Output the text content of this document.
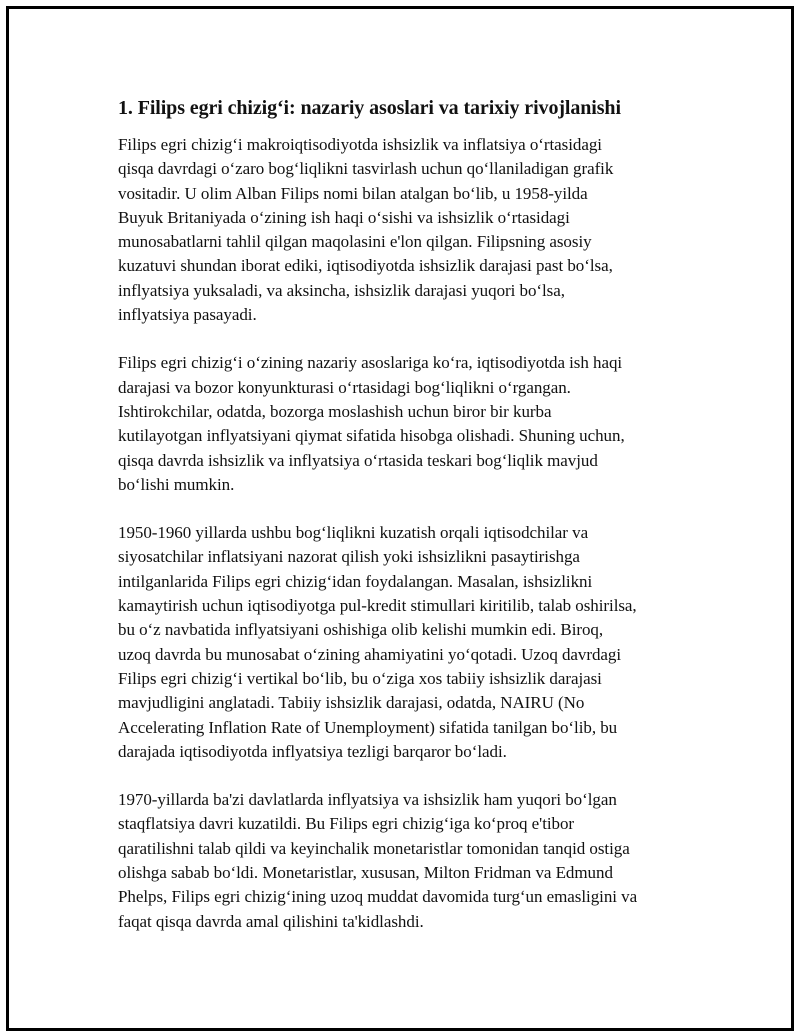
1. Filips egri chizig‘i: nazariy asoslari va tarixiy rivojlanishi

Filips egri chizig‘i makroiqtisodiyotda ishsizlik va inflatsiya o‘rtasidagi
qisqa davrdagi o‘zaro bog‘liqlikni tasvirlash uchun qo‘llaniladigan grafik
vositadir. U olim Alban Filips nomi bilan atalgan bo‘lib, u 1958-yilda
Buyuk Britaniyada o‘zining ish haqi o‘sishi va ishsizlik o‘rtasidagi
munosabatlarni tahlil qilgan maqolasini e'lon qilgan. Filipsning asosiy
kuzatuvi shundan iborat ediki, iqtisodiyotda ishsizlik darajasi past bo‘lsa,
inflyatsiya yuksaladi, va aksincha, ishsizlik darajasi yuqori bo‘lsa,
inflyatsiya pasayadi.

Filips egri chizig‘i o‘zining nazariy asoslariga ko‘ra, iqtisodiyotda ish haqi
darajasi va bozor konyunkturasi o‘rtasidagi bog‘liqlikni o‘rgangan.
Ishtirokchilar, odatda, bozorga moslashish uchun biror bir kurba
kutilayotgan inflyatsiyani qiymat sifatida hisobga olishadi. Shuning uchun,
qisqa davrda ishsizlik va inflyatsiya o‘rtasida teskari bog‘liqlik mavjud
bo‘lishi mumkin.

1950-1960 yillarda ushbu bog‘liqlikni kuzatish orqali iqtisodchilar va
siyosatchilar inflatsiyani nazorat qilish yoki ishsizlikni pasaytirishga
intilganlarida Filips egri chizig‘idan foydalangan. Masalan, ishsizlikni
kamaytirish uchun iqtisodiyotga pul-kredit stimullari kiritilib, talab oshirilsa,
bu o‘z navbatida inflyatsiyani oshishiga olib kelishi mumkin edi. Biroq,
uzoq davrda bu munosabat o‘zining ahamiyatini yo‘qotadi. Uzoq davrdagi
Filips egri chizig‘i vertikal bo‘lib, bu o‘ziga xos tabiiy ishsizlik darajasi
mavjudligini anglatadi. Tabiiy ishsizlik darajasi, odatda, NAIRU (No
Accelerating Inflation Rate of Unemployment) sifatida tanilgan bo‘lib, bu
darajada iqtisodiyotda inflyatsiya tezligi barqaror bo‘ladi.

1970-yillarda ba'zi davlatlarda inflyatsiya va ishsizlik ham yuqori bo‘lgan
staqflatsiya davri kuzatildi. Bu Filips egri chizig‘iga ko‘proq e'tibor
qaratilishni talab qildi va keyinchalik monetaristlar tomonidan tanqid ostiga
olishga sabab bo‘ldi. Monetaristlar, xususan, Milton Fridman va Edmund
Phelps, Filips egri chizig‘ining uzoq muddat davomida turg‘un emasligini va
faqat qisqa davrda amal qilishini ta'kidlashdi.
